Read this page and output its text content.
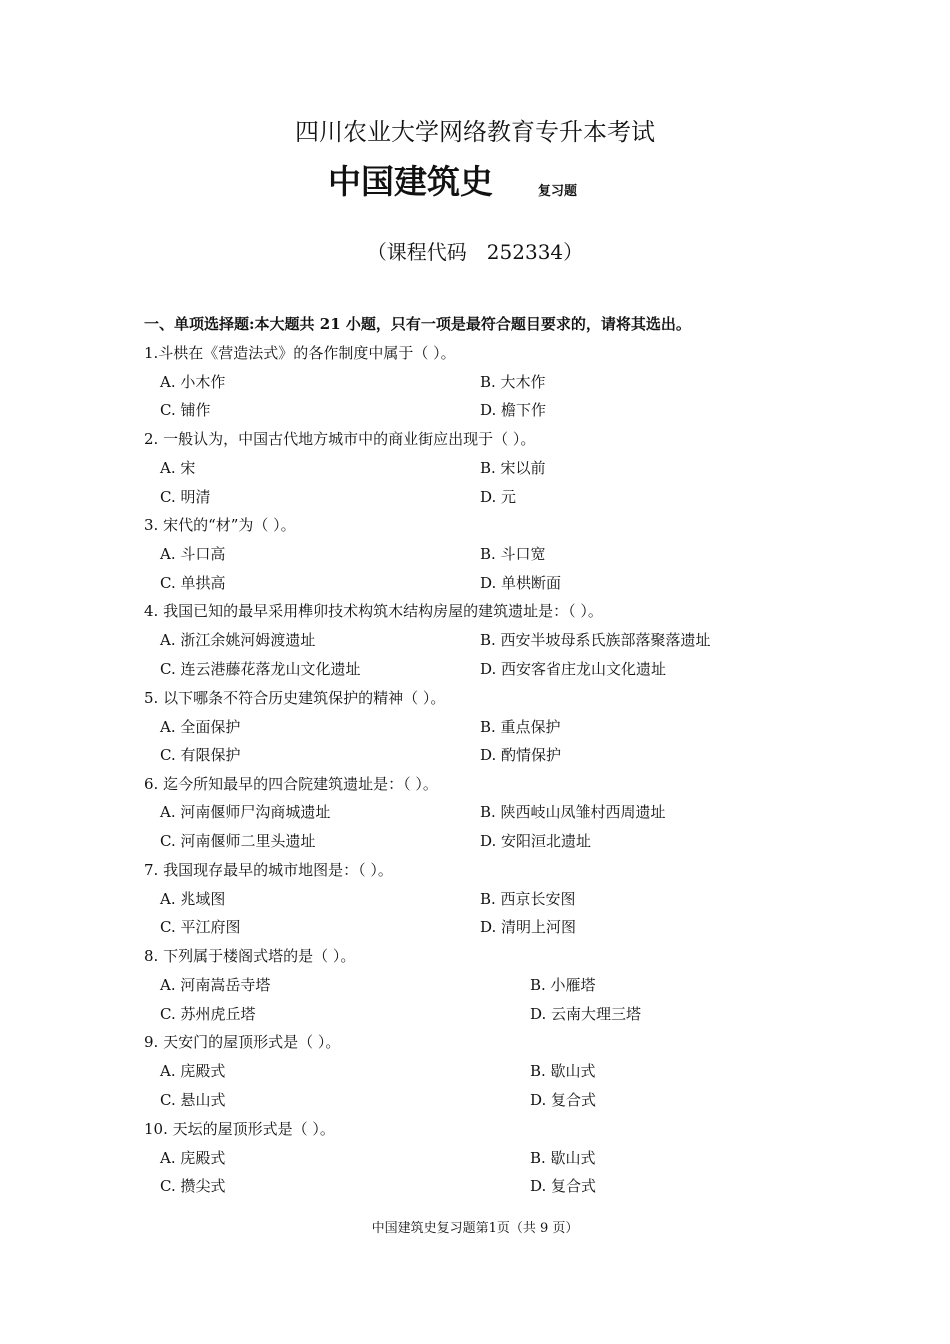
四川农业大学网络教育专升本考试
中国建筑史	复习题
（课程代码　252334）
一、单项选择题:本大题共 21 小题，只有一项是最符合题目要求的，请将其选出。
1.斗栱在《营造法式》的各作制度中属于（ ）。
A. 小木作	B. 大木作
C. 铺作	D. 檐下作
2. 一般认为，中国古代地方城市中的商业街应出现于（ ）。
A. 宋	B. 宋以前
C. 明清	D. 元
3. 宋代的“材”为（ ）。
A. 斗口高	B. 斗口宽
C. 单拱高	D. 单栱断面
4. 我国已知的最早采用榫卯技术构筑木结构房屋的建筑遗址是：（ ）。
A. 浙江余姚河姆渡遗址	B. 西安半坡母系氏族部落聚落遗址
C. 连云港藤花落龙山文化遗址	D. 西安客省庄龙山文化遗址
5. 以下哪条不符合历史建筑保护的精神（ ）。
A. 全面保护	B. 重点保护
C. 有限保护	D. 酌情保护
6. 迄今所知最早的四合院建筑遗址是：（ ）。
A. 河南偃师尸沟商城遗址	B. 陕西岐山凤雏村西周遗址
C. 河南偃师二里头遗址	D. 安阳洹北遗址
7. 我国现存最早的城市地图是：（ ）。
A. 兆域图	B. 西京长安图
C. 平江府图	D. 清明上河图
8. 下列属于楼阁式塔的是（ ）。
A. 河南嵩岳寺塔	B. 小雁塔
C. 苏州虎丘塔	D. 云南大理三塔
9. 天安门的屋顶形式是（ ）。
A. 庑殿式	B. 歇山式
C. 悬山式	D. 复合式
10. 天坛的屋顶形式是（ ）。
A. 庑殿式	B. 歇山式
C. 攒尖式	D. 复合式
中国建筑史复习题第1页（共 9 页）
